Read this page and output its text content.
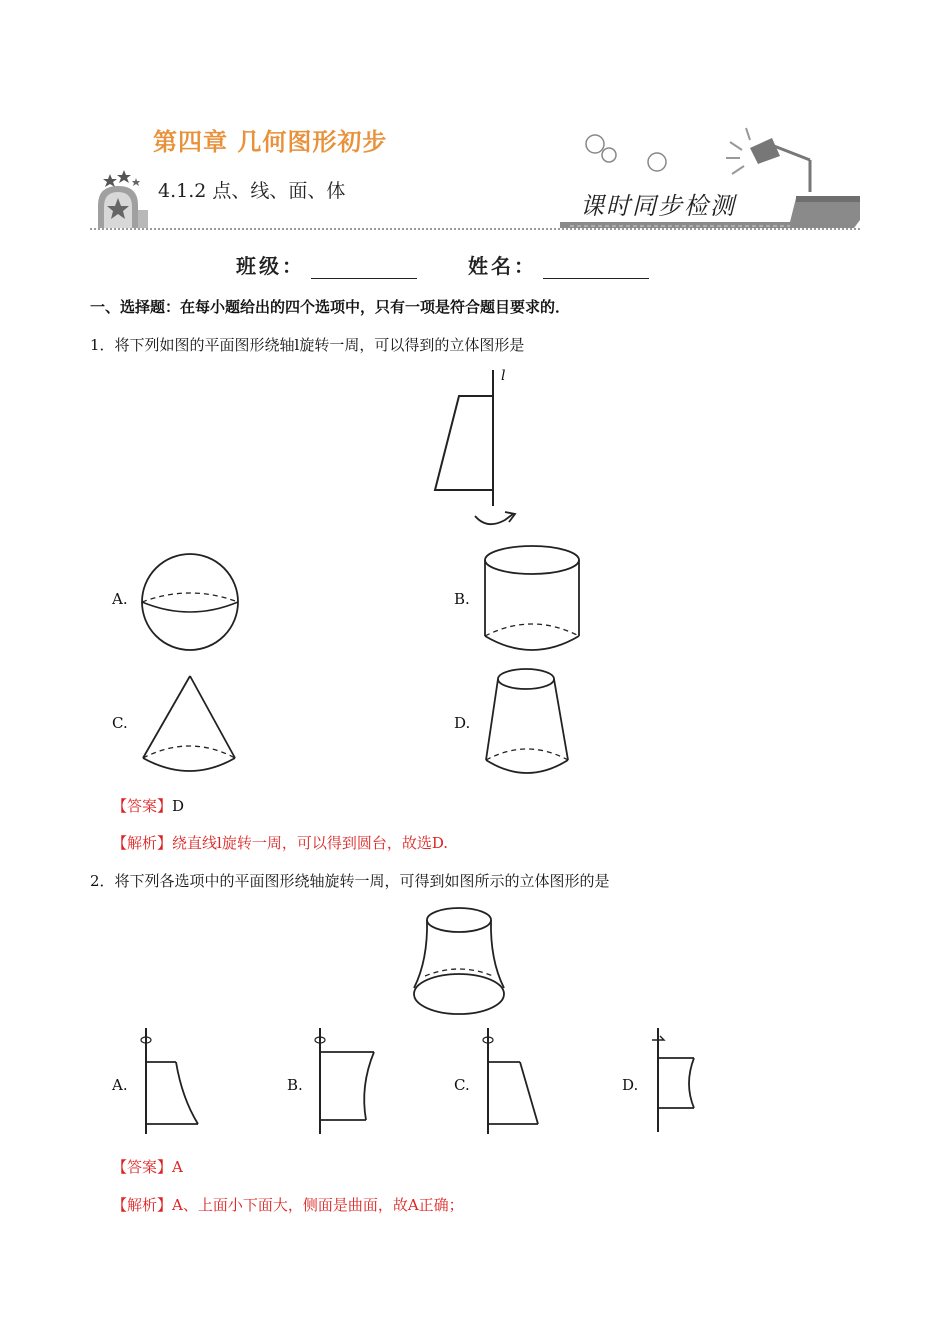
第四章 几何图形初步
4.1.2 点、线、面、体
课时同步检测
班级：	姓名：
一、选择题：在每小题给出的四个选项中，只有一项是符合题目要求的．
1．将下列如图的平面图形绕轴l旋转一周，可以得到的立体图形是
l
A.	B.
C.	D.
【答案】D
【解析】绕直线l旋转一周，可以得到圆台，故选D.
2．将下列各选项中的平面图形绕轴旋转一周，可得到如图所示的立体图形的是
A.	B.	C.	D.
【答案】A
【解析】A、上面小下面大，侧面是曲面，故A正确；
